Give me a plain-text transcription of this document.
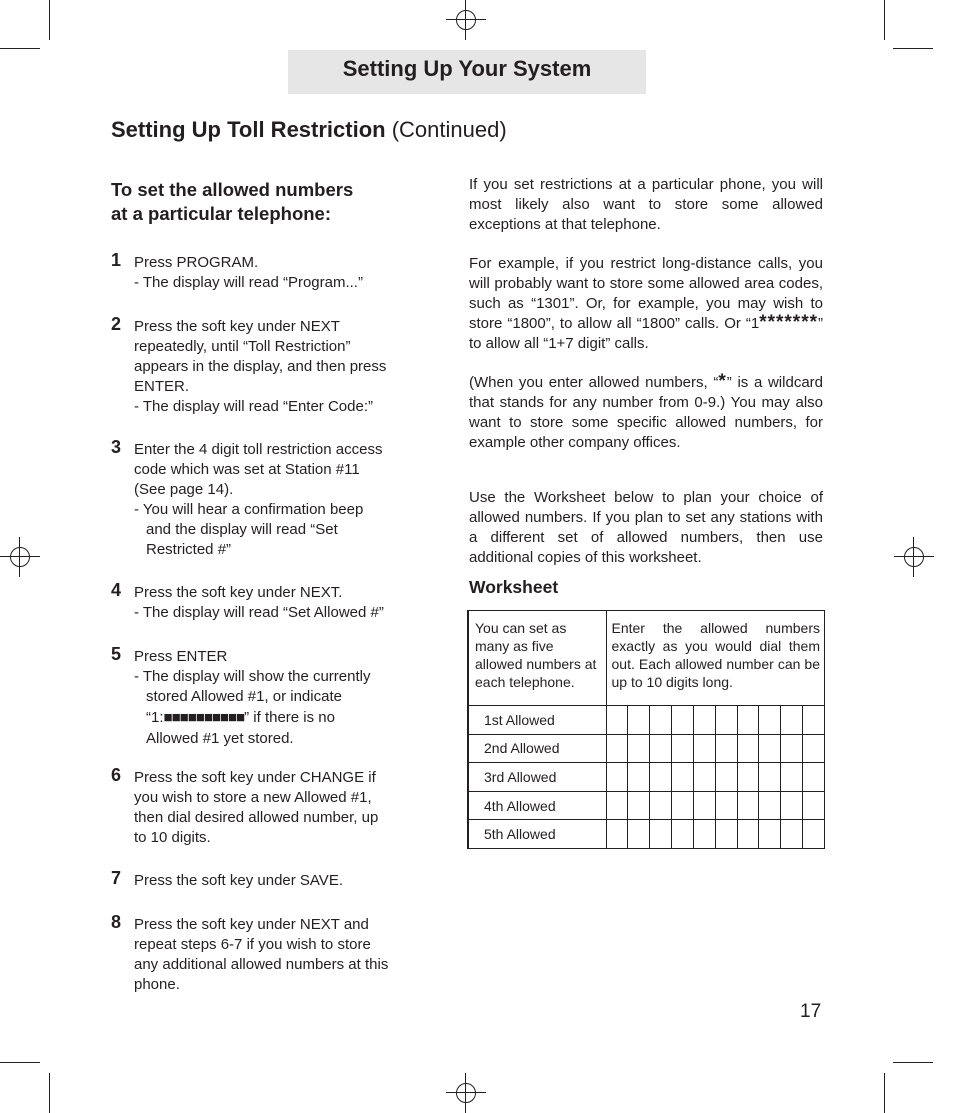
Setting Up Your System
Setting Up Toll Restriction (Continued)
To set the allowed numbers
at a particular telephone:
1 Press PROGRAM.
- The display will read “Program...”
2 Press the soft key under NEXT
repeatedly, until “Toll Restriction”
appears in the display, and then press
ENTER.
- The display will read “Enter Code:”
3 Enter the 4 digit toll restriction access
code which was set at Station #11
(See page 14).
- You will hear a confirmation beep
and the display will read “Set
Restricted #”
4 Press the soft key under NEXT.
- The display will read “Set Allowed #”
5 Press ENTER
- The display will show the currently
stored Allowed #1, or indicate
“1:■■■■■■■■■■” if there is no
Allowed #1 yet stored.
6 Press the soft key under CHANGE if
you wish to store a new Allowed #1,
then dial desired allowed number, up
to 10 digits.
7 Press the soft key under SAVE.
8 Press the soft key under NEXT and
repeat steps 6-7 if you wish to store
any additional allowed numbers at this
phone.
If you set restrictions at a particular phone, you will most likely also want to store some allowed exceptions at that telephone.
For example, if you restrict long-distance calls, you will probably want to store some allowed area codes, such as “1301”. Or, for example, you may wish to store “1800”, to allow all “1800” calls. Or “1*******” to allow all “1+7 digit” calls.
(When you enter allowed numbers, “*” is a wildcard that stands for any number from 0-9.) You may also want to store some specific allowed numbers, for example other company offices.
Use the Worksheet below to plan your choice of allowed numbers. If you plan to set any stations with a different set of allowed numbers, then use additional copies of this worksheet.
Worksheet
You can set as many as five allowed numbers at each telephone.	Enter the allowed numbers exactly as you would dial them out. Each allowed number can be up to 10 digits long.									
1st Allowed										
2nd Allowed										
3rd Allowed										
4th Allowed										
5th Allowed										
17
